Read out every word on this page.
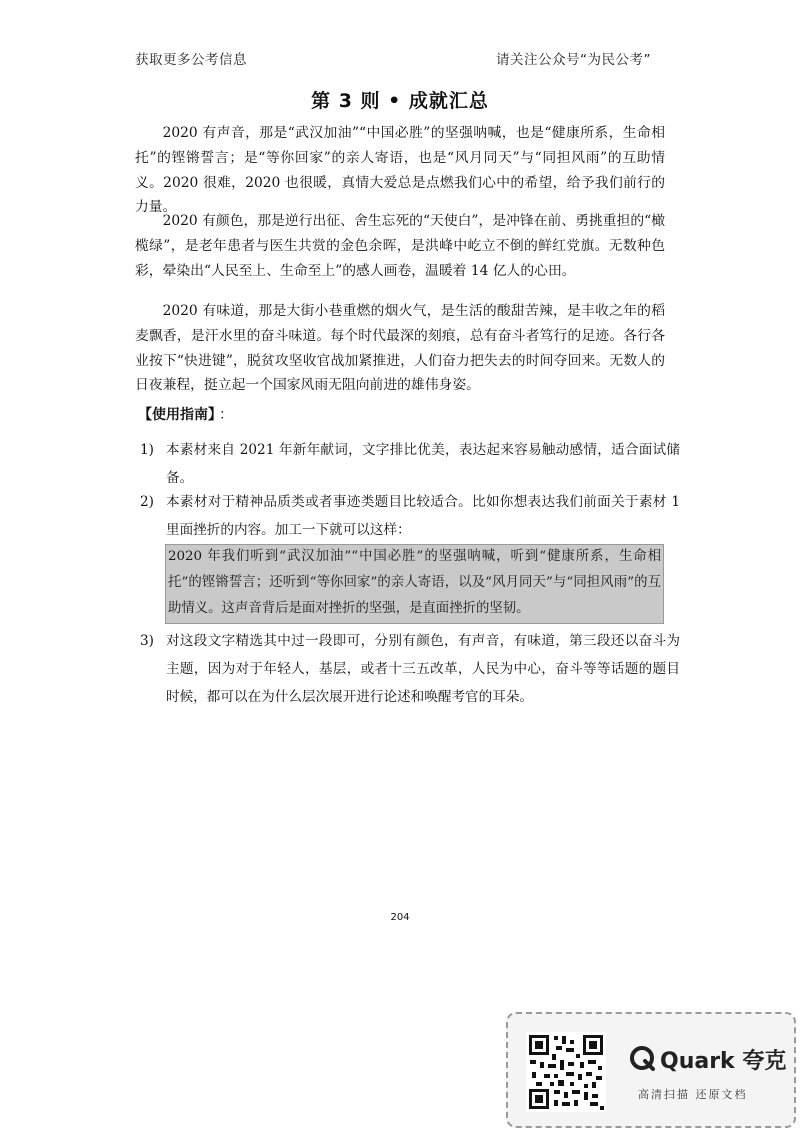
获取更多公考信息	请关注公众号“为民公考”
第 3 则 • 成就汇总

2020 有声音，那是“武汉加油”“中国必胜”的坚强呐喊，也是“健康所系，生命相托”的铿锵誓言；是“等你回家”的亲人寄语，也是“风月同天”与“同担风雨”的互助情义。2020 很难，2020 也很暖，真情大爱总是点燃我们心中的希望，给予我们前行的力量。

2020 有颜色，那是逆行出征、舍生忘死的“天使白”，是冲锋在前、勇挑重担的“橄榄绿”，是老年患者与医生共赏的金色余晖，是洪峰中屹立不倒的鲜红党旗。无数种色彩，晕染出“人民至上、生命至上”的感人画卷，温暖着 14 亿人的心田。

2020 有味道，那是大街小巷重燃的烟火气，是生活的酸甜苦辣，是丰收之年的稻麦飘香，是汗水里的奋斗味道。每个时代最深的刻痕，总有奋斗者笃行的足迹。各行各业按下“快进键”，脱贫攻坚收官战加紧推进，人们奋力把失去的时间夺回来。无数人的日夜兼程，挺立起一个国家风雨无阻向前进的雄伟身姿。

【使用指南】 ：
1) 本素材来自 2021 年新年献词，文字排比优美，表达起来容易触动感情，适合面试储备。
2) 本素材对于精神品质类或者事迹类题目比较适合。比如你想表达我们前面关于素材 1 里面挫折的内容。加工一下就可以这样：

2020 年我们听到“武汉加油”“中国必胜”的坚强呐喊，听到“健康所系，生命相托”的铿锵誓言；还听到“等你回家”的亲人寄语，以及“风月同天”与“同担风雨”的互助情义。这声音背后是面对挫折的坚强，是直面挫折的坚韧。

3) 对这段文字精选其中过一段即可，分别有颜色，有声音，有味道，第三段还以奋斗为主题，因为对于年轻人，基层，或者十三五改革，人民为中心，奋斗等等话题的题目时候，都可以在为什么层次展开进行论述和唤醒考官的耳朵。
204
Quark 夸克
高清扫描 还原文档
